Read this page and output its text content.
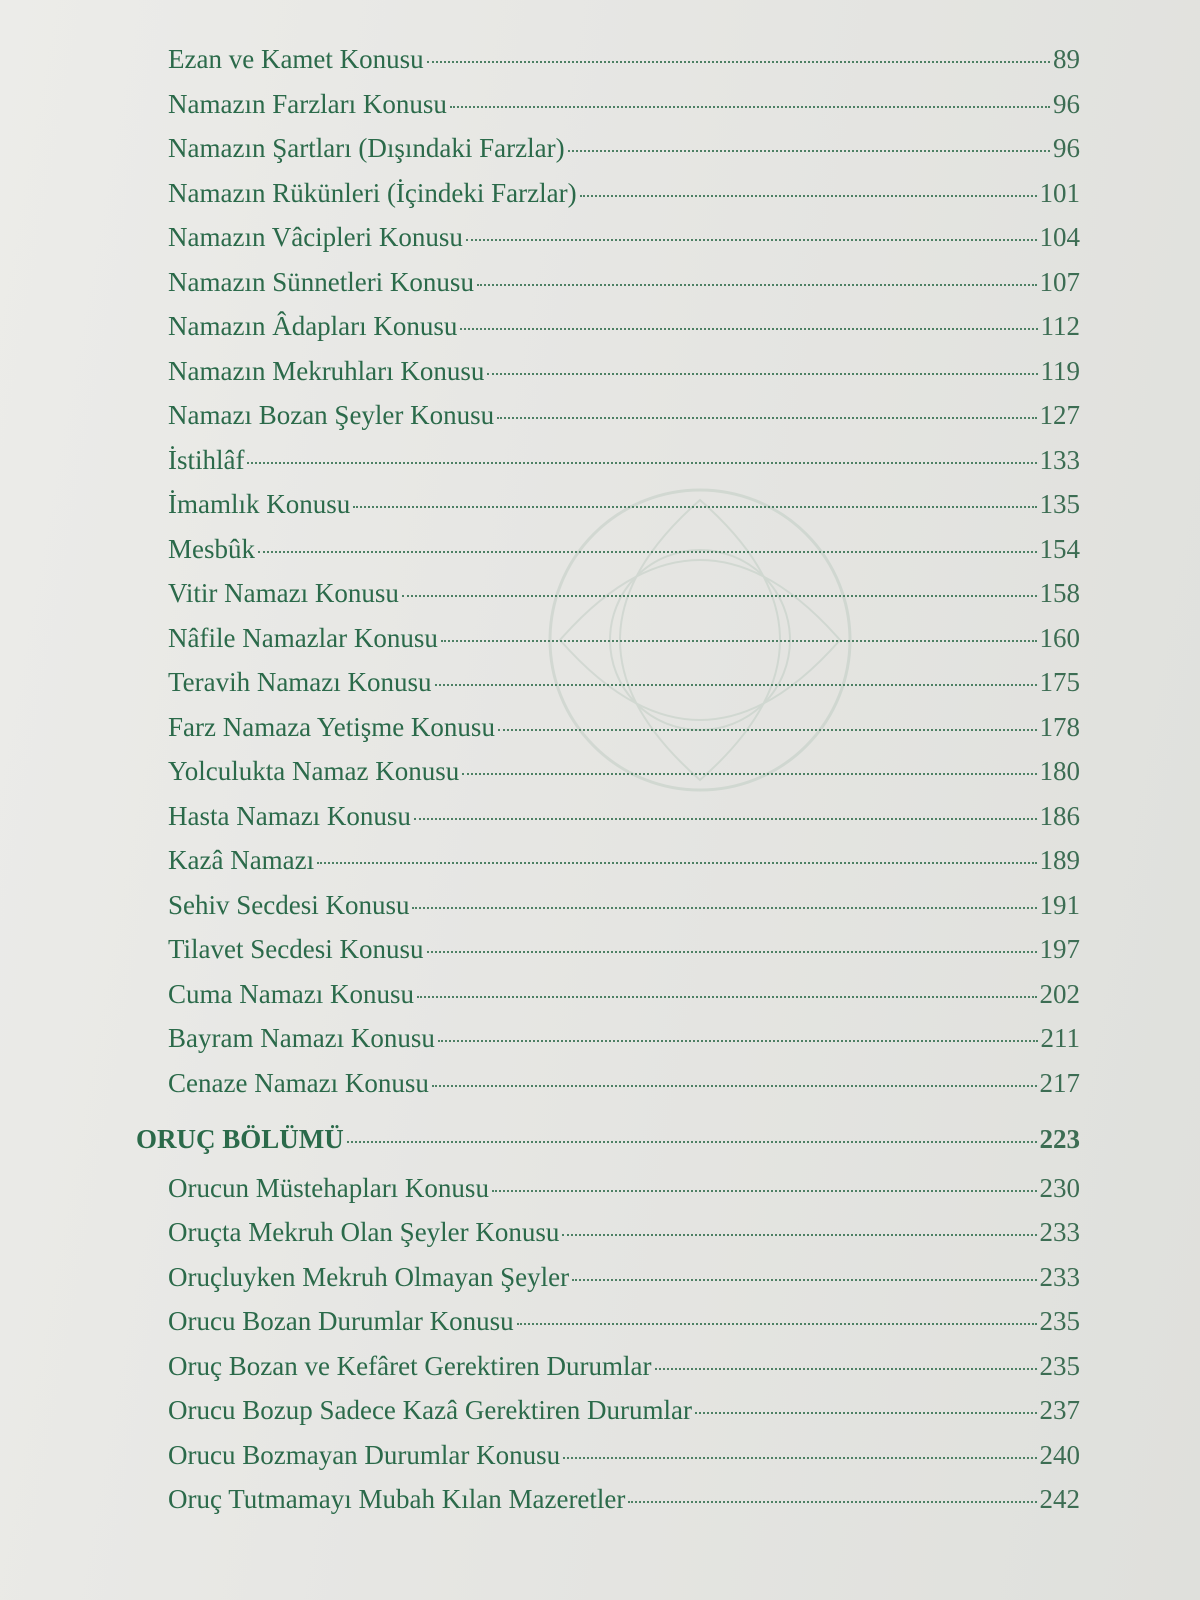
Ezan ve Kamet Konusu	89
Namazın Farzları Konusu	96
Namazın Şartları (Dışındaki Farzlar)	96
Namazın Rükünleri (İçindeki Farzlar)	101
Namazın Vâcipleri Konusu	104
Namazın Sünnetleri Konusu	107
Namazın Âdapları Konusu	112
Namazın Mekruhları Konusu	119
Namazı Bozan Şeyler Konusu	127
İstihlâf	133
İmamlık Konusu	135
Mesbûk	154
Vitir Namazı Konusu	158
Nâfile Namazlar Konusu	160
Teravih Namazı Konusu	175
Farz Namaza Yetişme Konusu	178
Yolculukta Namaz Konusu	180
Hasta Namazı Konusu	186
Kazâ Namazı	189
Sehiv Secdesi Konusu	191
Tilavet Secdesi Konusu	197
Cuma Namazı Konusu	202
Bayram Namazı Konusu	211
Cenaze Namazı Konusu	217
ORUÇ BÖLÜMÜ	223
Orucun Müstehapları Konusu	230
Oruçta Mekruh Olan Şeyler Konusu	233
Oruçluyken Mekruh Olmayan Şeyler	233
Orucu Bozan Durumlar Konusu	235
Oruç Bozan ve Kefâret Gerektiren Durumlar	235
Orucu Bozup Sadece Kazâ Gerektiren Durumlar	237
Orucu Bozmayan Durumlar Konusu	240
Oruç Tutmamayı Mubah Kılan Mazeretler	242
